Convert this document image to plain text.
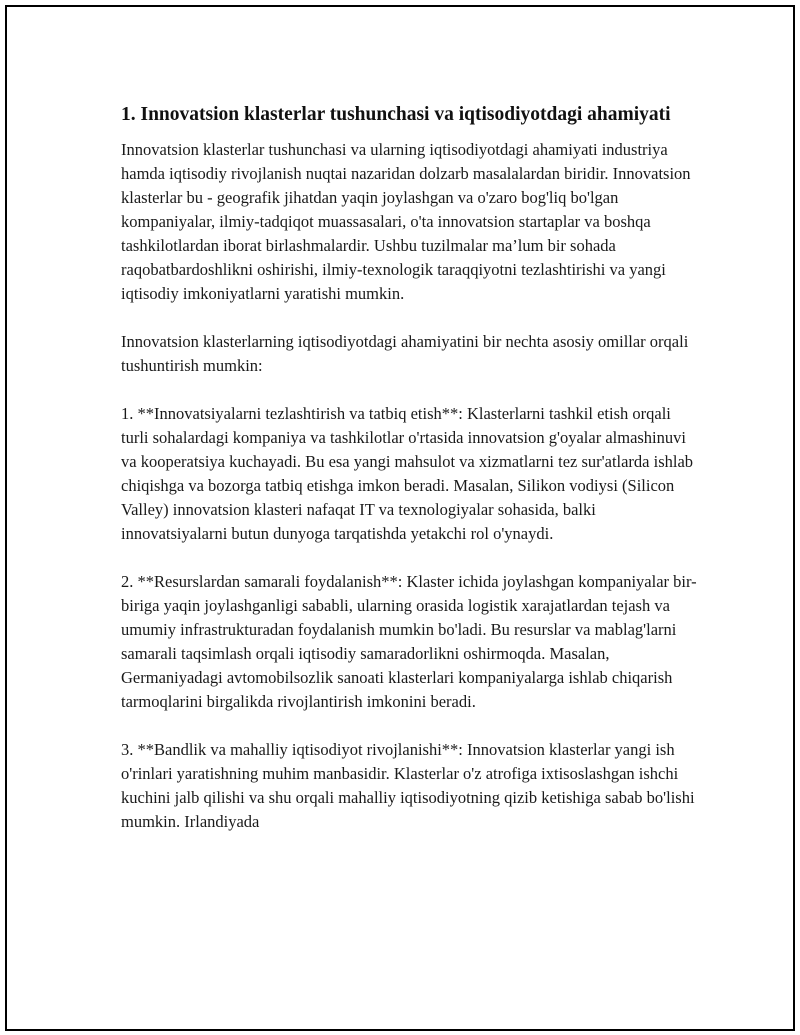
1. Innovatsion klasterlar tushunchasi va iqtisodiyotdagi ahamiyati

Innovatsion klasterlar tushunchasi va ularning iqtisodiyotdagi ahamiyati industriya hamda iqtisodiy rivojlanish nuqtai nazaridan dolzarb masalalardan biridir. Innovatsion klasterlar bu - geografik jihatdan yaqin joylashgan va o'zaro bog'liq bo'lgan kompaniyalar, ilmiy-tadqiqot muassasalari, o'ta innovatsion startaplar va boshqa tashkilotlardan iborat birlashmalardir. Ushbu tuzilmalar ma’lum bir sohada raqobatbardoshlikni oshirishi, ilmiy-texnologik taraqqiyotni tezlashtirishi va yangi iqtisodiy imkoniyatlarni yaratishi mumkin.

Innovatsion klasterlarning iqtisodiyotdagi ahamiyatini bir nechta asosiy omillar orqali tushuntirish mumkin:

1. **Innovatsiyalarni tezlashtirish va tatbiq etish**: Klasterlarni tashkil etish orqali turli sohalardagi kompaniya va tashkilotlar o'rtasida innovatsion g'oyalar almashinuvi va kooperatsiya kuchayadi. Bu esa yangi mahsulot va xizmatlarni tez sur'atlarda ishlab chiqishga va bozorga tatbiq etishga imkon beradi. Masalan, Silikon vodiysi (Silicon Valley) innovatsion klasteri nafaqat IT va texnologiyalar sohasida, balki innovatsiyalarni butun dunyoga tarqatishda yetakchi rol o'ynaydi.

2. **Resurslardan samarali foydalanish**: Klaster ichida joylashgan kompaniyalar bir-biriga yaqin joylashganligi sababli, ularning orasida logistik xarajatlardan tejash va umumiy infrastrukturadan foydalanish mumkin bo'ladi. Bu resurslar va mablag'larni samarali taqsimlash orqali iqtisodiy samaradorlikni oshirmoqda. Masalan, Germaniyadagi avtomobilsozlik sanoati klasterlari kompaniyalarga ishlab chiqarish tarmoqlarini birgalikda rivojlantirish imkonini beradi.

3. **Bandlik va mahalliy iqtisodiyot rivojlanishi**: Innovatsion klasterlar yangi ish o'rinlari yaratishning muhim manbasidir. Klasterlar o'z atrofiga ixtisoslashgan ishchi kuchini jalb qilishi va shu orqali mahalliy iqtisodiyotning qizib ketishiga sabab bo'lishi mumkin. Irlandiyada
